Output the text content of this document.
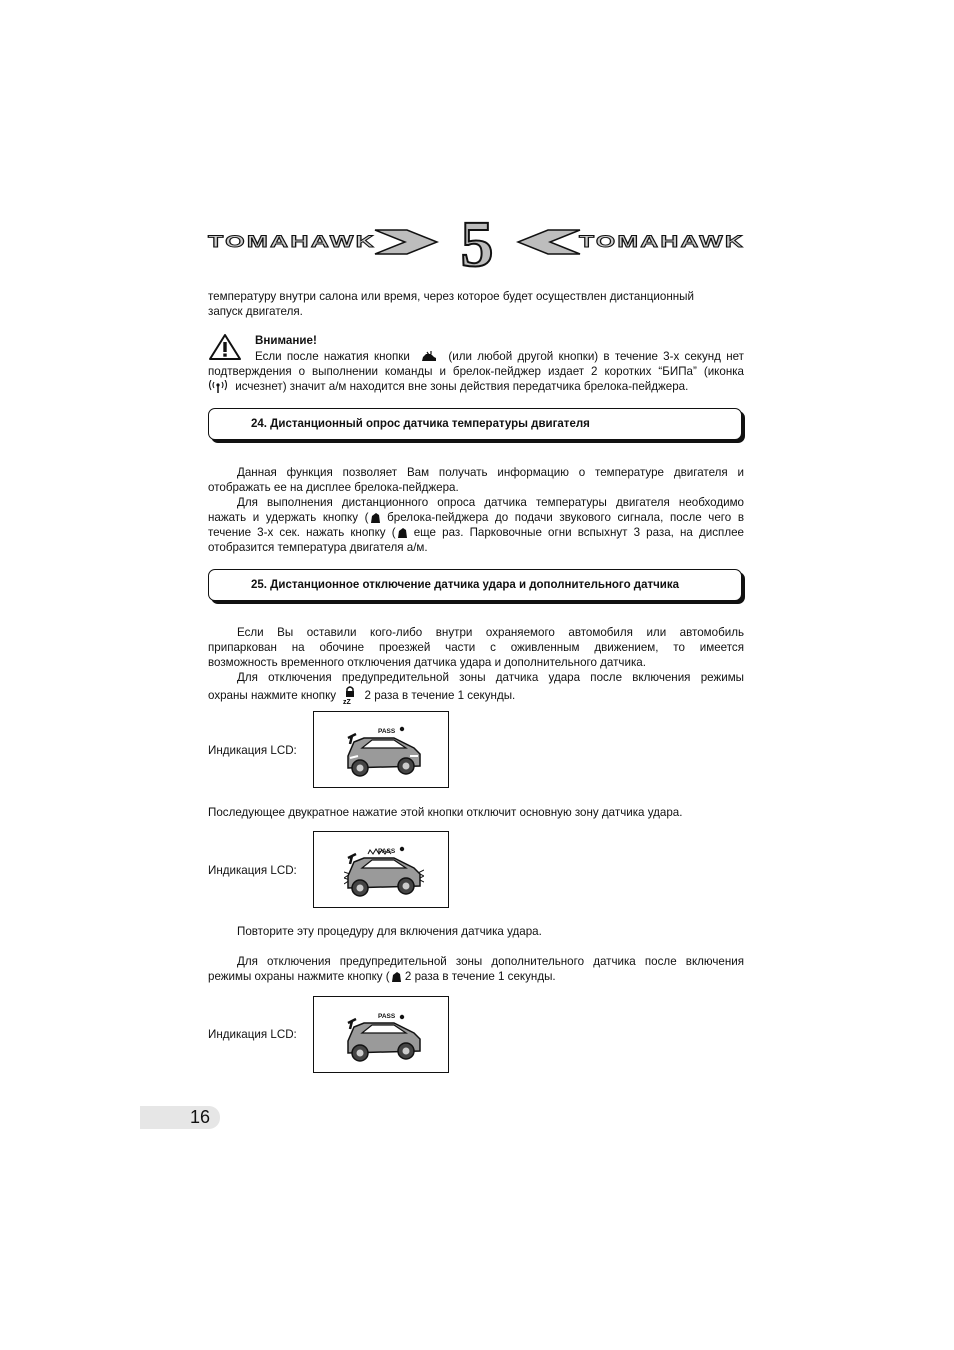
5
TOMAHAWK	TOMAHAWK
температуру внутри салона или время, через которое будет осуществлен дистанционный
запуск двигателя.
Внимание!
Если после нажатия кнопки	(или любой другой кнопки) в течение 3-х секунд нет
подтверждения о выполнении команды и брелок-пейджер издает 2 коротких “БИПа” (иконка
исчезнет) значит а/м находится вне зоны действия передатчика брелока-пейджера.
24. Дистанционный опрос датчика температуры двигателя
Данная функция позволяет Вам получать информацию о температуре двигателя и
отображать ее на дисплее брелока-пейджера.
Для выполнения дистанционного опроса датчика температуры двигателя необходимо
нажать и удержать кнопку ( брелока-пейджера до подачи звукового сигнала, после чего в
течение 3-х сек. нажать кнопку ( еще раз. Парковочные огни вспыхнут 3 раза, на дисплее
отобразится температура двигателя а/м.
25. Дистанционное отключение датчика удара и дополнительного датчика
Если Вы оставили кого-либо внутри охраняемого автомобиля или автомобиль
припаркован на обочине проезжей части с оживленным движением, то имеется
возможность временного отключения датчика удара и дополнительного датчика.
Для отключения предупредительной зоны датчика удара после включения режимы
охраны нажмите кнопку
zZ
2 раза в течение 1 секунды.
Индикация LCD:
PASS
Последующее двукратное нажатие этой кнопки отключит основную зону датчика удара.
Индикация LCD:
PASS
Повторите эту процедуру для включения датчика удара.
Для отключения предупредительной зоны дополнительного датчика после включения
режимы охраны нажмите кнопку ( 2 раза в течение 1 секунды.
Индикация LCD:
PASS
16
